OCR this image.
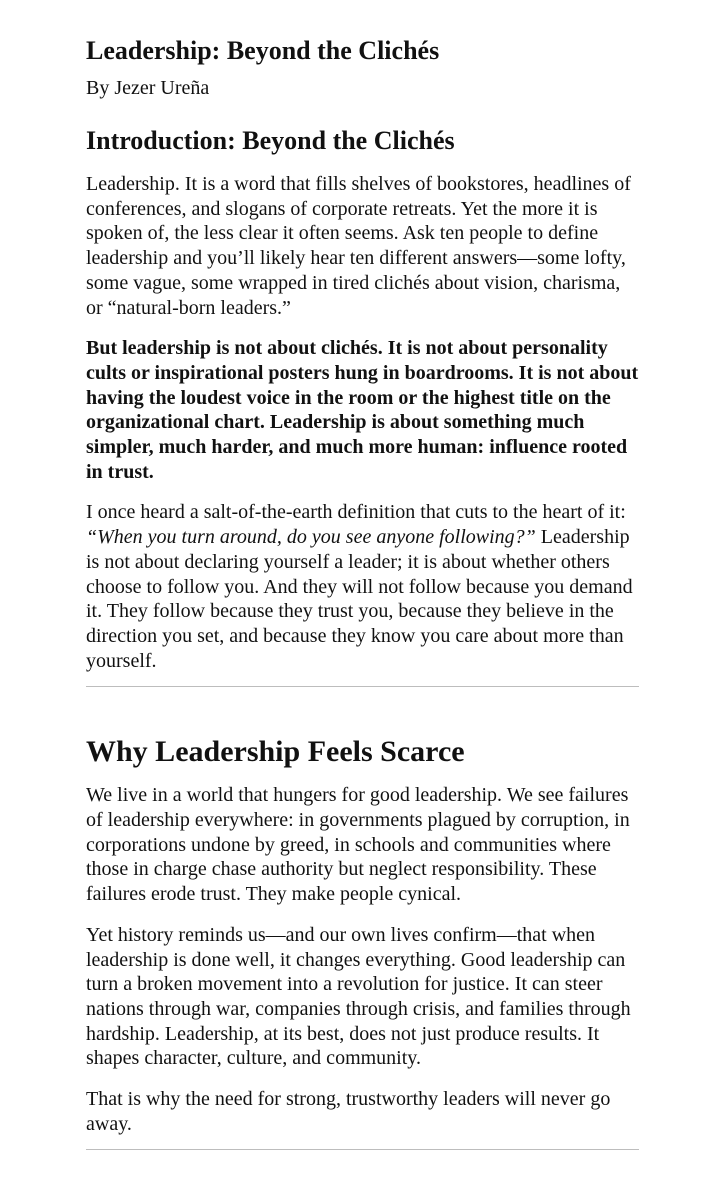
Leadership: Beyond the Clichés

By Jezer Ureña

Introduction: Beyond the Clichés

Leadership. It is a word that fills shelves of bookstores, headlines of conferences, and slogans of corporate retreats. Yet the more it is spoken of, the less clear it often seems. Ask ten people to define leadership and you’ll likely hear ten different answers—some lofty, some vague, some wrapped in tired clichés about vision, charisma, or “natural-born leaders.”

But leadership is not about clichés. It is not about personality cults or inspirational posters hung in boardrooms. It is not about having the loudest voice in the room or the highest title on the organizational chart. Leadership is about something much simpler, much harder, and much more human: influence rooted in trust.

I once heard a salt-of-the-earth definition that cuts to the heart of it: “When you turn around, do you see anyone following?” Leadership is not about declaring yourself a leader; it is about whether others choose to follow you. And they will not follow because you demand it. They follow because they trust you, because they believe in the direction you set, and because they know you care about more than yourself.

Why Leadership Feels Scarce

We live in a world that hungers for good leadership. We see failures of leadership everywhere: in governments plagued by corruption, in corporations undone by greed, in schools and communities where those in charge chase authority but neglect responsibility. These failures erode trust. They make people cynical.

Yet history reminds us—and our own lives confirm—that when leadership is done well, it changes everything. Good leadership can turn a broken movement into a revolution for justice. It can steer nations through war, companies through crisis, and families through hardship. Leadership, at its best, does not just produce results. It shapes character, culture, and community.

That is why the need for strong, trustworthy leaders will never go away.
